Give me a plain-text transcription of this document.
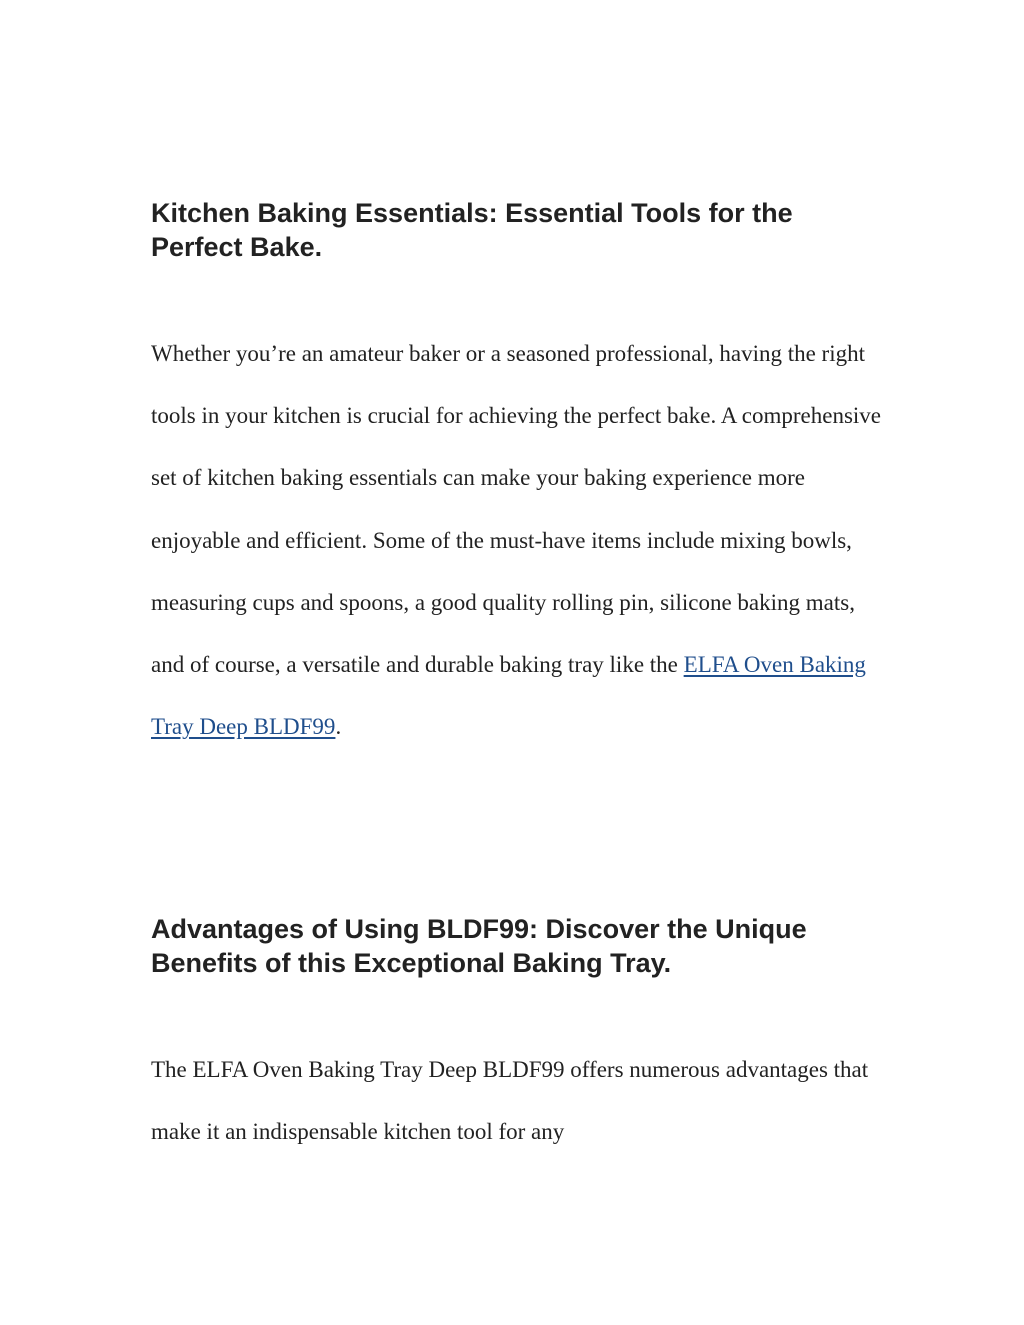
Kitchen Baking Essentials: Essential Tools for the Perfect Bake.

Whether you’re an amateur baker or a seasoned professional, having the right tools in your kitchen is crucial for achieving the perfect bake. A comprehensive set of kitchen baking essentials can make your baking experience more enjoyable and efficient. Some of the must-have items include mixing bowls, measuring cups and spoons, a good quality rolling pin, silicone baking mats, and of course, a versatile and durable baking tray like the ELFA Oven Baking Tray Deep BLDF99.

Advantages of Using BLDF99: Discover the Unique Benefits of this Exceptional Baking Tray.

The ELFA Oven Baking Tray Deep BLDF99 offers numerous advantages that make it an indispensable kitchen tool for any
